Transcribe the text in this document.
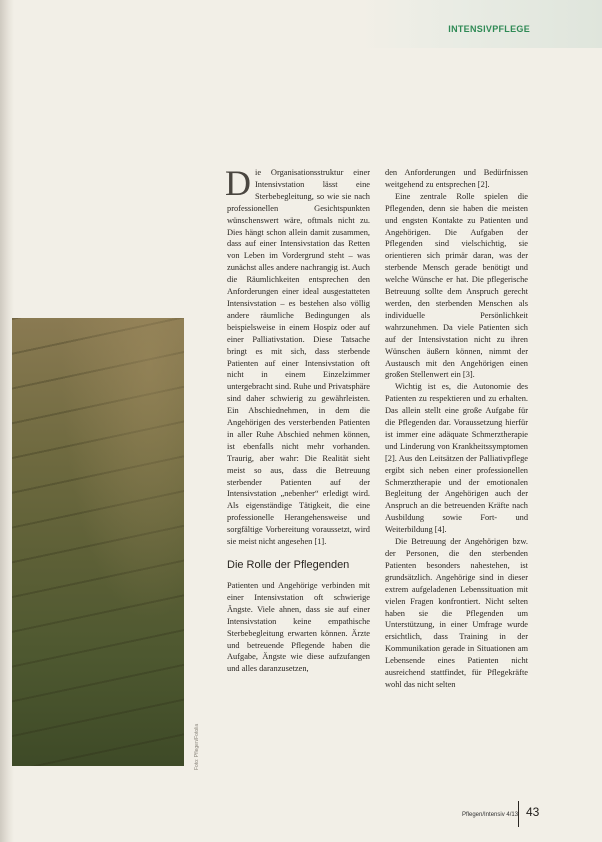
INTENSIVPFLEGE
Foto: Pflegen/Fotolia

Die Organisationsstruktur einer Intensivstation lässt eine Sterbebegleitung, so wie sie nach professionellen Gesichtspunkten wünschenswert wäre, oftmals nicht zu. Dies hängt schon allein damit zusammen, dass auf einer Intensivstation das Retten von Leben im Vordergrund steht – was zunächst alles andere nachrangig ist. Auch die Räumlichkeiten entsprechen den Anforderungen einer ideal ausgestatteten Intensivstation – es bestehen also völlig andere räumliche Bedingungen als beispielsweise in einem Hospiz oder auf einer Palliativstation. Diese Tatsache bringt es mit sich, dass sterbende Patienten auf einer Intensivstation oft nicht in einem Einzelzimmer untergebracht sind. Ruhe und Privatsphäre sind daher schwierig zu gewährleisten. Ein Abschiednehmen, in dem die Angehörigen des versterbenden Patienten in aller Ruhe Abschied nehmen können, ist ebenfalls nicht mehr vorhanden. Traurig, aber wahr: Die Realität sieht meist so aus, dass die Betreuung sterbender Patienten auf der Intensivstation „nebenher“ erledigt wird. Als eigenständige Tätigkeit, die eine professionelle Herangehensweise und sorgfältige Vorbereitung voraussetzt, wird sie meist nicht angesehen [1].

Die Rolle der Pflegenden

Patienten und Angehörige verbinden mit einer Intensivstation oft schwierige Ängste. Viele ahnen, dass sie auf einer Intensivstation keine empathische Sterbebegleitung erwarten können. Ärzte und betreuende Pflegende haben die Aufgabe, Ängste wie diese aufzufangen und alles daranzusetzen,

den Anforderungen und Bedürfnissen weitgehend zu entsprechen [2].

Eine zentrale Rolle spielen die Pflegenden, denn sie haben die meisten und engsten Kontakte zu Patienten und Angehörigen. Die Aufgaben der Pflegenden sind vielschichtig, sie orientieren sich primär daran, was der sterbende Mensch gerade benötigt und welche Wünsche er hat. Die pflegerische Betreuung sollte dem Anspruch gerecht werden, den sterbenden Menschen als individuelle Persönlichkeit wahrzunehmen. Da viele Patienten sich auf der Intensivstation nicht zu ihren Wünschen äußern können, nimmt der Austausch mit den Angehörigen einen großen Stellenwert ein [3].

Wichtig ist es, die Autonomie des Patienten zu respektieren und zu erhalten. Das allein stellt eine große Aufgabe für die Pflegenden dar. Voraussetzung hierfür ist immer eine adäquate Schmerztherapie und Linderung von Krankheitssymptomen [2]. Aus den Leitsätzen der Palliativpflege ergibt sich neben einer professionellen Schmerztherapie und der emotionalen Begleitung der Angehörigen auch der Anspruch an die betreuenden Kräfte nach Ausbildung sowie Fort- und Weiterbildung [4].

Die Betreuung der Angehörigen bzw. der Personen, die den sterbenden Patienten besonders nahestehen, ist grundsätzlich. Angehörige sind in dieser extrem aufgeladenen Lebenssituation mit vielen Fragen konfrontiert. Nicht selten haben sie die Pflegenden um Unterstützung, in einer Umfrage wurde ersichtlich, dass Training in der Kommunikation gerade in Situationen am Lebensende eines Patienten nicht ausreichend stattfindet, für Pflegekräfte wohl das nicht selten

Pflegen/Intensiv 4/13 43
